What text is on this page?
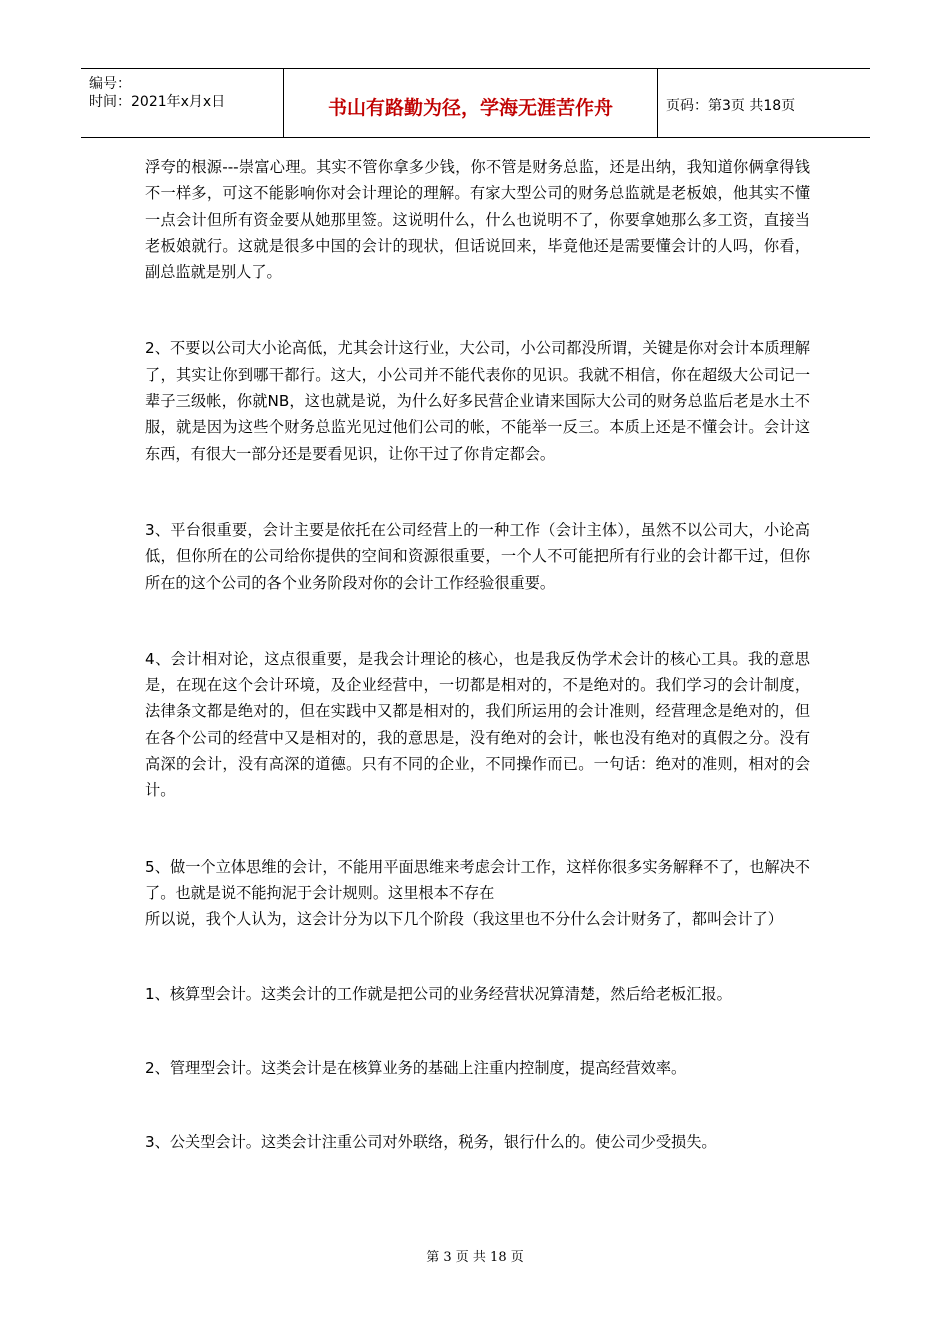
编号：
时间：2021年x月x日	书山有路勤为径，学海无涯苦作舟	页码：第3页 共18页

浮夸的根源---崇富心理。其实不管你拿多少钱，你不管是财务总监，还是出纳，我知道你俩拿得钱不一样多，可这不能影响你对会计理论的理解。有家大型公司的财务总监就是老板娘，他其实不懂一点会计但所有资金要从她那里签。这说明什么，什么也说明不了，你要拿她那么多工资，直接当老板娘就行。这就是很多中国的会计的现状，但话说回来，毕竟他还是需要懂会计的人吗，你看，副总监就是别人了。

2、不要以公司大小论高低，尤其会计这行业，大公司，小公司都没所谓，关键是你对会计本质理解了，其实让你到哪干都行。这大，小公司并不能代表你的见识。我就不相信，你在超级大公司记一辈子三级帐，你就NB，这也就是说，为什么好多民营企业请来国际大公司的财务总监后老是水土不服，就是因为这些个财务总监光见过他们公司的帐，不能举一反三。本质上还是不懂会计。会计这东西，有很大一部分还是要看见识，让你干过了你肯定都会。

3、平台很重要，会计主要是依托在公司经营上的一种工作（会计主体），虽然不以公司大，小论高低，但你所在的公司给你提供的空间和资源很重要，一个人不可能把所有行业的会计都干过，但你所在的这个公司的各个业务阶段对你的会计工作经验很重要。

4、会计相对论，这点很重要，是我会计理论的核心，也是我反伪学术会计的核心工具。我的意思是，在现在这个会计环境，及企业经营中，一切都是相对的，不是绝对的。我们学习的会计制度，法律条文都是绝对的，但在实践中又都是相对的，我们所运用的会计准则，经营理念是绝对的，但在各个公司的经营中又是相对的，我的意思是，没有绝对的会计，帐也没有绝对的真假之分。没有高深的会计，没有高深的道德。只有不同的企业，不同操作而已。一句话：绝对的准则，相对的会计。

5、做一个立体思维的会计，不能用平面思维来考虑会计工作，这样你很多实务解释不了，也解决不了。也就是说不能拘泥于会计规则。这里根本不存在

所以说，我个人认为，这会计分为以下几个阶段（我这里也不分什么会计财务了，都叫会计了）

1、核算型会计。这类会计的工作就是把公司的业务经营状况算清楚，然后给老板汇报。

2、管理型会计。这类会计是在核算业务的基础上注重内控制度，提高经营效率。

3、公关型会计。这类会计注重公司对外联络，税务，银行什么的。使公司少受损失。

第 3 页 共 18 页
